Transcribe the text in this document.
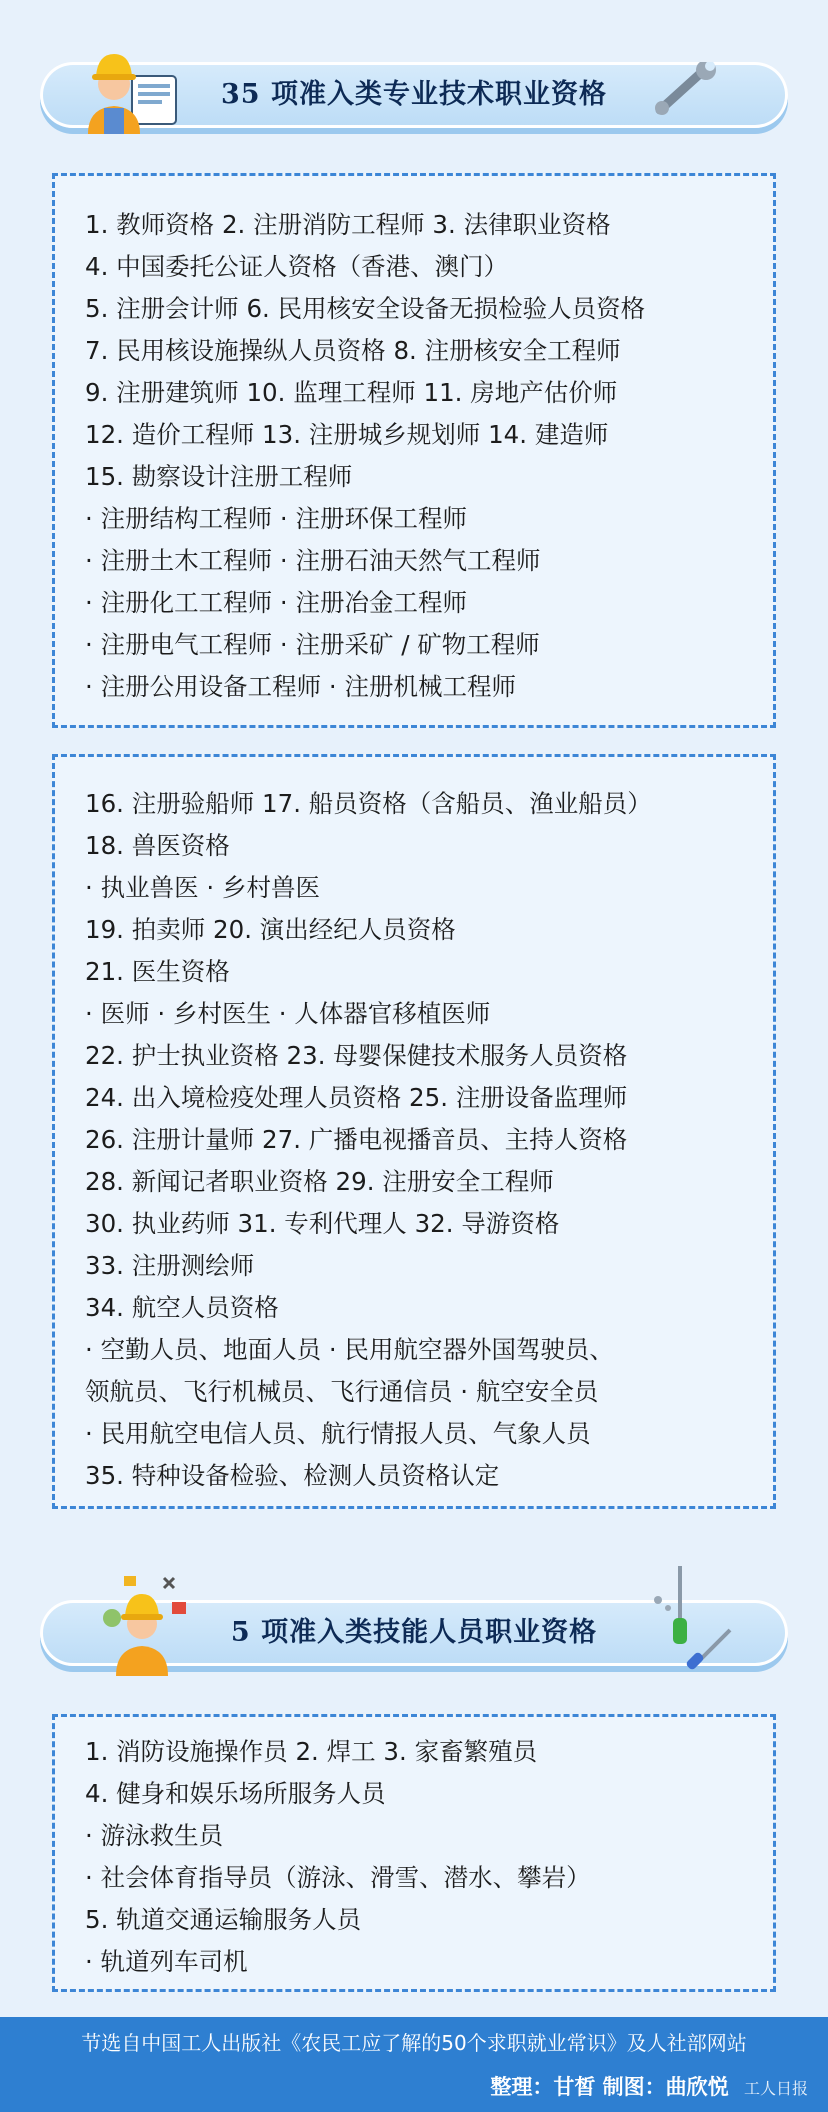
35 项准入类专业技术职业资格
1. 教师资格 2. 注册消防工程师 3. 法律职业资格
4. 中国委托公证人资格（香港、澳门）
5. 注册会计师 6. 民用核安全设备无损检验人员资格
7. 民用核设施操纵人员资格 8. 注册核安全工程师
9. 注册建筑师 10. 监理工程师 11. 房地产估价师
12. 造价工程师 13. 注册城乡规划师 14. 建造师
15. 勘察设计注册工程师
· 注册结构工程师 · 注册环保工程师
· 注册土木工程师 · 注册石油天然气工程师
· 注册化工工程师 · 注册冶金工程师
· 注册电气工程师 · 注册采矿 / 矿物工程师
· 注册公用设备工程师 · 注册机械工程师
16. 注册验船师 17. 船员资格（含船员、渔业船员）
18. 兽医资格
· 执业兽医 · 乡村兽医
19. 拍卖师 20. 演出经纪人员资格
21. 医生资格
· 医师 · 乡村医生 · 人体器官移植医师
22. 护士执业资格 23. 母婴保健技术服务人员资格
24. 出入境检疫处理人员资格 25. 注册设备监理师
26. 注册计量师 27. 广播电视播音员、主持人资格
28. 新闻记者职业资格 29. 注册安全工程师
30. 执业药师 31. 专利代理人 32. 导游资格
33. 注册测绘师
34. 航空人员资格
· 空勤人员、地面人员 · 民用航空器外国驾驶员、
领航员、飞行机械员、飞行通信员 · 航空安全员
· 民用航空电信人员、航行情报人员、气象人员
35. 特种设备检验、检测人员资格认定
5 项准入类技能人员职业资格
1. 消防设施操作员 2. 焊工 3. 家畜繁殖员
4. 健身和娱乐场所服务人员
· 游泳救生员
· 社会体育指导员（游泳、滑雪、潜水、攀岩）
5. 轨道交通运输服务人员
· 轨道列车司机
节选自中国工人出版社《农民工应了解的50个求职就业常识》及人社部网站
整理：甘皙 制图：曲欣悦 工人日报
